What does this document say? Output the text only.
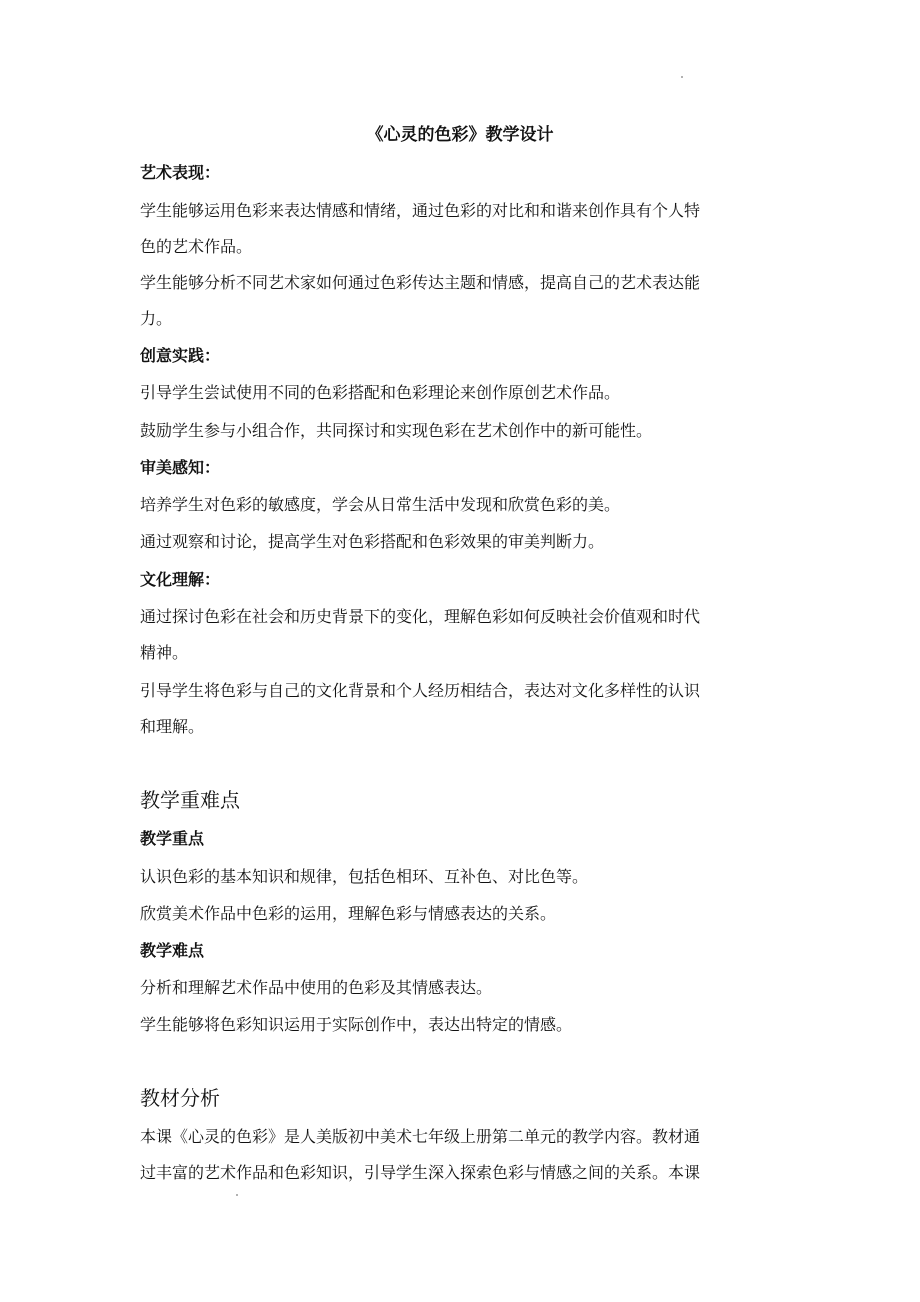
《心灵的色彩》教学设计
艺术表现：
学生能够运用色彩来表达情感和情绪，通过色彩的对比和和谐来创作具有个人特
色的艺术作品。
学生能够分析不同艺术家如何通过色彩传达主题和情感，提高自己的艺术表达能
力。
创意实践：
引导学生尝试使用不同的色彩搭配和色彩理论来创作原创艺术作品。
鼓励学生参与小组合作，共同探讨和实现色彩在艺术创作中的新可能性。
审美感知：
培养学生对色彩的敏感度，学会从日常生活中发现和欣赏色彩的美。
通过观察和讨论，提高学生对色彩搭配和色彩效果的审美判断力。
文化理解：
通过探讨色彩在社会和历史背景下的变化，理解色彩如何反映社会价值观和时代
精神。
引导学生将色彩与自己的文化背景和个人经历相结合，表达对文化多样性的认识
和理解。
教学重难点
教学重点
认识色彩的基本知识和规律，包括色相环、互补色、对比色等。
欣赏美术作品中色彩的运用，理解色彩与情感表达的关系。
教学难点
分析和理解艺术作品中使用的色彩及其情感表达。
学生能够将色彩知识运用于实际创作中，表达出特定的情感。
教材分析
本课《心灵的色彩》是人美版初中美术七年级上册第二单元的教学内容。教材通
过丰富的艺术作品和色彩知识，引导学生深入探索色彩与情感之间的关系。本课
